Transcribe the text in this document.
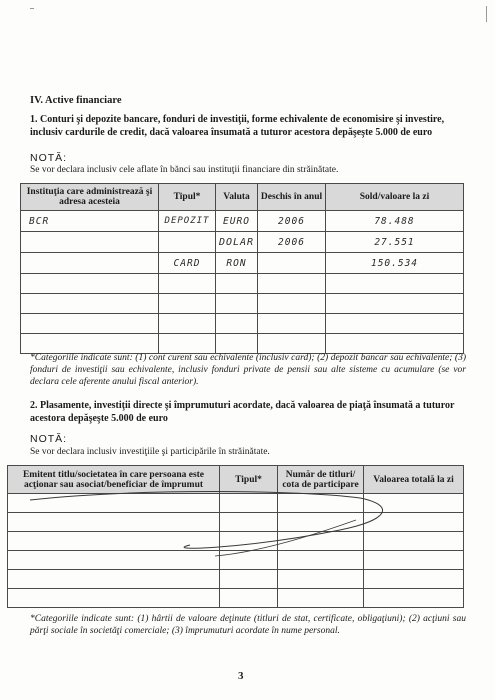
IV. Active financiare
1. Conturi şi depozite bancare, fonduri de investiţii, forme echivalente de economisire şi investire, inclusiv cardurile de credit, dacă valoarea însumată a tuturor acestora depăşeşte 5.000 de euro
NOTĂ:
Se vor declara inclusiv cele aflate în bănci sau instituţii financiare din străinătate.
Instituţia care administrează şi adresa acesteia	Tipul*	Valuta	Deschis în anul	Sold/valoare la zi
BCR	DEPOZIT	EURO	2006	78.488
		DOLAR	2006	27.551
	CARD	RON		150.534

*Categoriile indicate sunt: (1) cont curent sau echivalente (inclusiv card); (2) depozit bancar sau echivalente; (3) fonduri de investiţii sau echivalente, inclusiv fonduri private de pensii sau alte sisteme cu acumulare (se vor declara cele aferente anului fiscal anterior).
2. Plasamente, investiţii directe şi împrumuturi acordate, dacă valoarea de piaţă însumată a tuturor acestora depăşeşte 5.000 de euro
NOTĂ:
Se vor declara inclusiv investiţiile şi participările în străinătate.
Emitent titlu/societatea în care persoana este acţionar sau asociat/beneficiar de împrumut	Tipul*	Număr de titluri/ cota de participare	Valoarea totală la zi

*Categoriile indicate sunt: (1) hârtii de valoare deţinute (titluri de stat, certificate, obligaţiuni); (2) acţiuni sau părţi sociale în societăţi comerciale; (3) împrumuturi acordate în nume personal.
3
